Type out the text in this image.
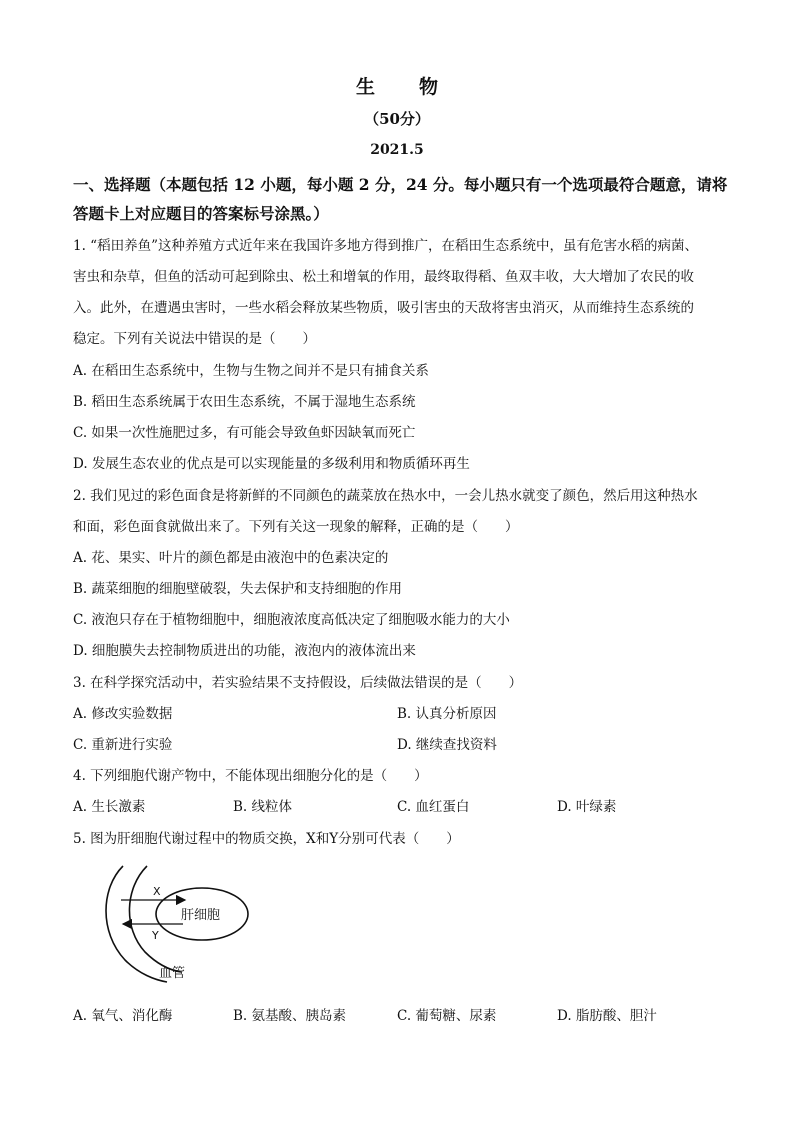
生 物
（50分）
2021.5
一、选择题（本题包括 12 小题，每小题 2 分，24 分。每小题只有一个选项最符合题意，请将答题卡上对应题目的答案标号涂黑。）
1. “稻田养鱼”这种养殖方式近年来在我国许多地方得到推广，在稻田生态系统中，虽有危害水稻的病菌、
害虫和杂草，但鱼的活动可起到除虫、松土和增氧的作用，最终取得稻、鱼双丰收，大大增加了农民的收
入。此外，在遭遇虫害时，一些水稻会释放某些物质，吸引害虫的天敌将害虫消灭，从而维持生态系统的
稳定。下列有关说法中错误的是（　　）
A. 在稻田生态系统中，生物与生物之间并不是只有捕食关系
B. 稻田生态系统属于农田生态系统，不属于湿地生态系统
C. 如果一次性施肥过多，有可能会导致鱼虾因缺氧而死亡
D. 发展生态农业的优点是可以实现能量的多级利用和物质循环再生
2. 我们见过的彩色面食是将新鲜的不同颜色的蔬菜放在热水中，一会儿热水就变了颜色，然后用这种热水
和面，彩色面食就做出来了。下列有关这一现象的解释，正确的是（　　）
A. 花、果实、叶片的颜色都是由液泡中的色素决定的
B. 蔬菜细胞的细胞壁破裂，失去保护和支持细胞的作用
C. 液泡只存在于植物细胞中，细胞液浓度高低决定了细胞吸水能力的大小
D. 细胞膜失去控制物质进出的功能，液泡内的液体流出来
3. 在科学探究活动中，若实验结果不支持假设，后续做法错误的是（　　）
A. 修改实验数据	B. 认真分析原因
C. 重新进行实验	D. 继续查找资料
4. 下列细胞代谢产物中，不能体现出细胞分化的是（　　）
A. 生长激素	B. 线粒体	C. 血红蛋白	D. 叶绿素
5. 图为肝细胞代谢过程中的物质交换，X和Y分别可代表（　　）
X
Y
肝细胞
血管
A. 氧气、消化酶	B. 氨基酸、胰岛素	C. 葡萄糖、尿素	D. 脂肪酸、胆汁
